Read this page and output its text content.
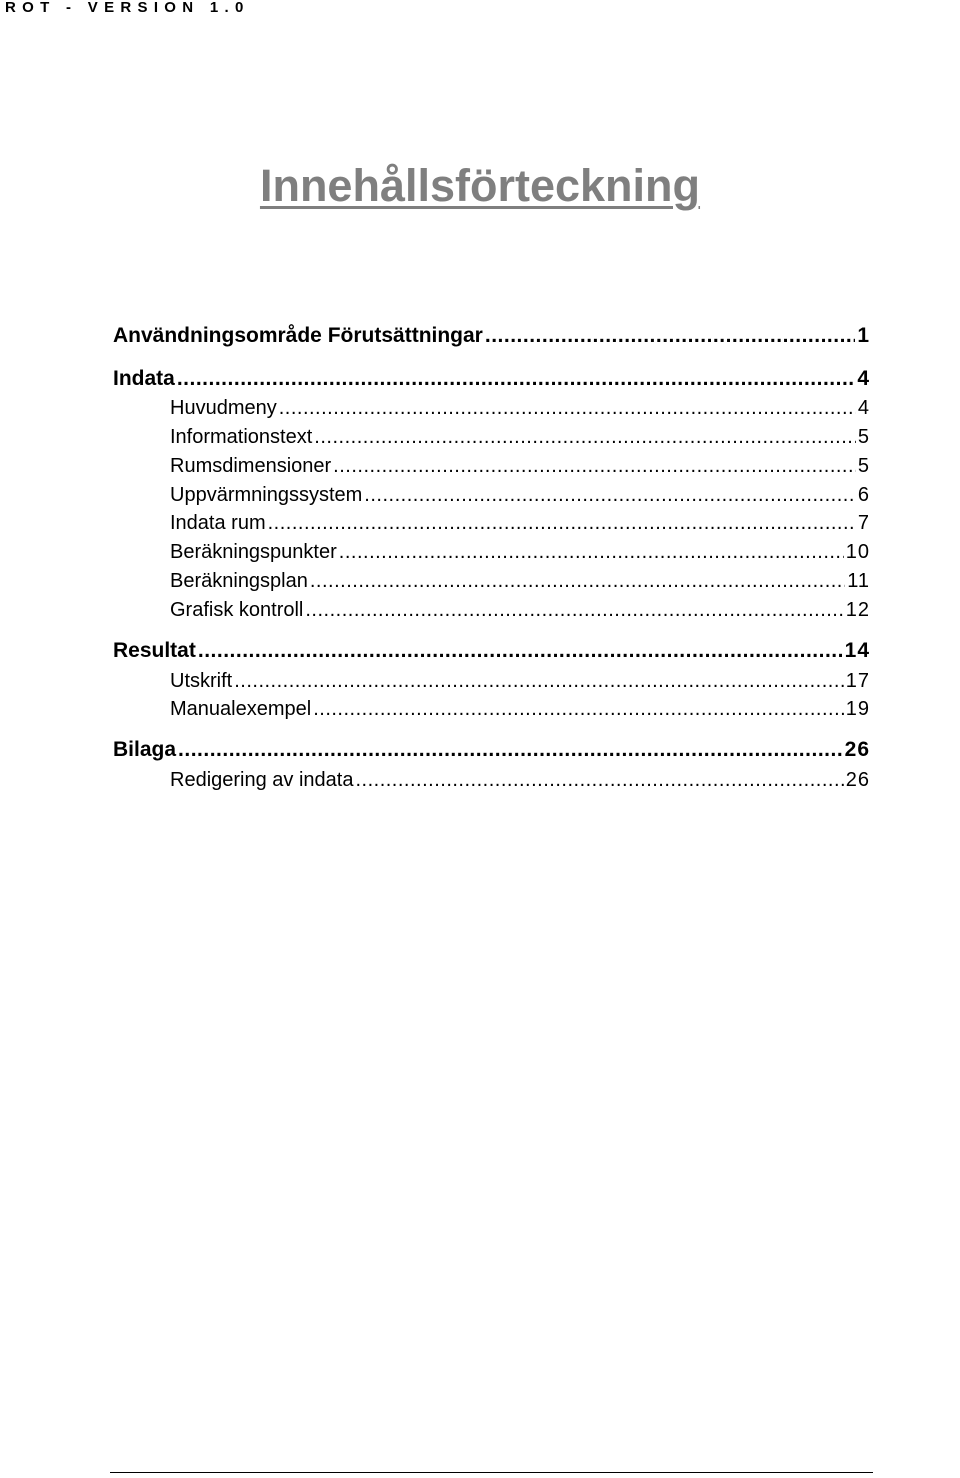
ROT - VERSION 1.0
Innehållsförteckning
Användningsområde Förutsättningar .....	1
Indata .....	4
Huvudmeny .....	4
Informationstext .....	5
Rumsdimensioner .....	5
Uppvärmningssystem .....	6
Indata rum .....	7
Beräkningspunkter .....	10
Beräkningsplan .....	11
Grafisk kontroll .....	12
Resultat .....	14
Utskrift .....	17
Manualexempel .....	19
Bilaga .....	26
Redigering av indata .....	26
